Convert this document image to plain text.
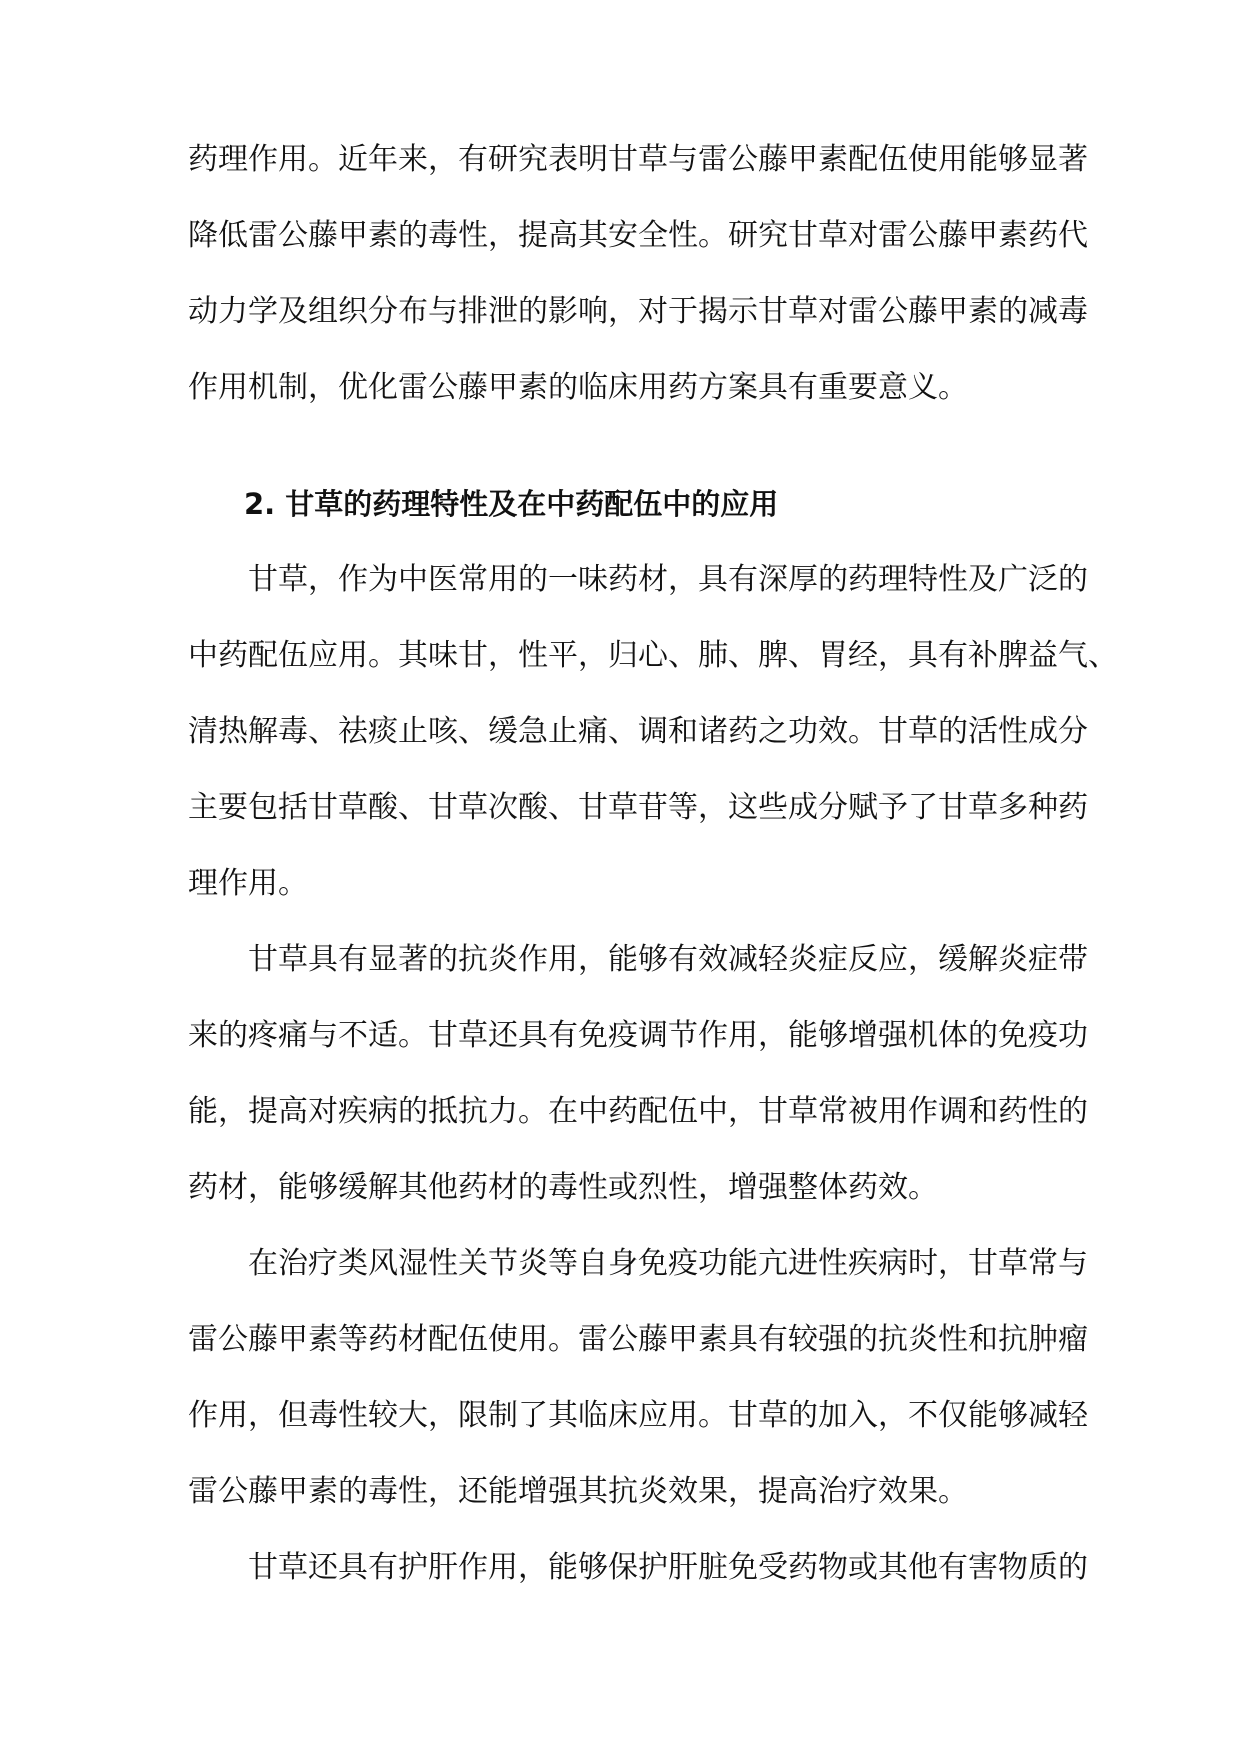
药理作用。近年来，有研究表明甘草与雷公藤甲素配伍使用能够显著
降低雷公藤甲素的毒性，提高其安全性。研究甘草对雷公藤甲素药代
动力学及组织分布与排泄的影响，对于揭示甘草对雷公藤甲素的减毒
作用机制，优化雷公藤甲素的临床用药方案具有重要意义。
2. 甘草的药理特性及在中药配伍中的应用
甘草，作为中医常用的一味药材，具有深厚的药理特性及广泛的
中药配伍应用。其味甘，性平，归心、肺、脾、胃经，具有补脾益气、
清热解毒、祛痰止咳、缓急止痛、调和诸药之功效。甘草的活性成分
主要包括甘草酸、甘草次酸、甘草苷等，这些成分赋予了甘草多种药
理作用。
甘草具有显著的抗炎作用，能够有效减轻炎症反应，缓解炎症带
来的疼痛与不适。甘草还具有免疫调节作用，能够增强机体的免疫功
能，提高对疾病的抵抗力。在中药配伍中，甘草常被用作调和药性的
药材，能够缓解其他药材的毒性或烈性，增强整体药效。
在治疗类风湿性关节炎等自身免疫功能亢进性疾病时，甘草常与
雷公藤甲素等药材配伍使用。雷公藤甲素具有较强的抗炎性和抗肿瘤
作用，但毒性较大，限制了其临床应用。甘草的加入，不仅能够减轻
雷公藤甲素的毒性，还能增强其抗炎效果，提高治疗效果。
甘草还具有护肝作用，能够保护肝脏免受药物或其他有害物质的
